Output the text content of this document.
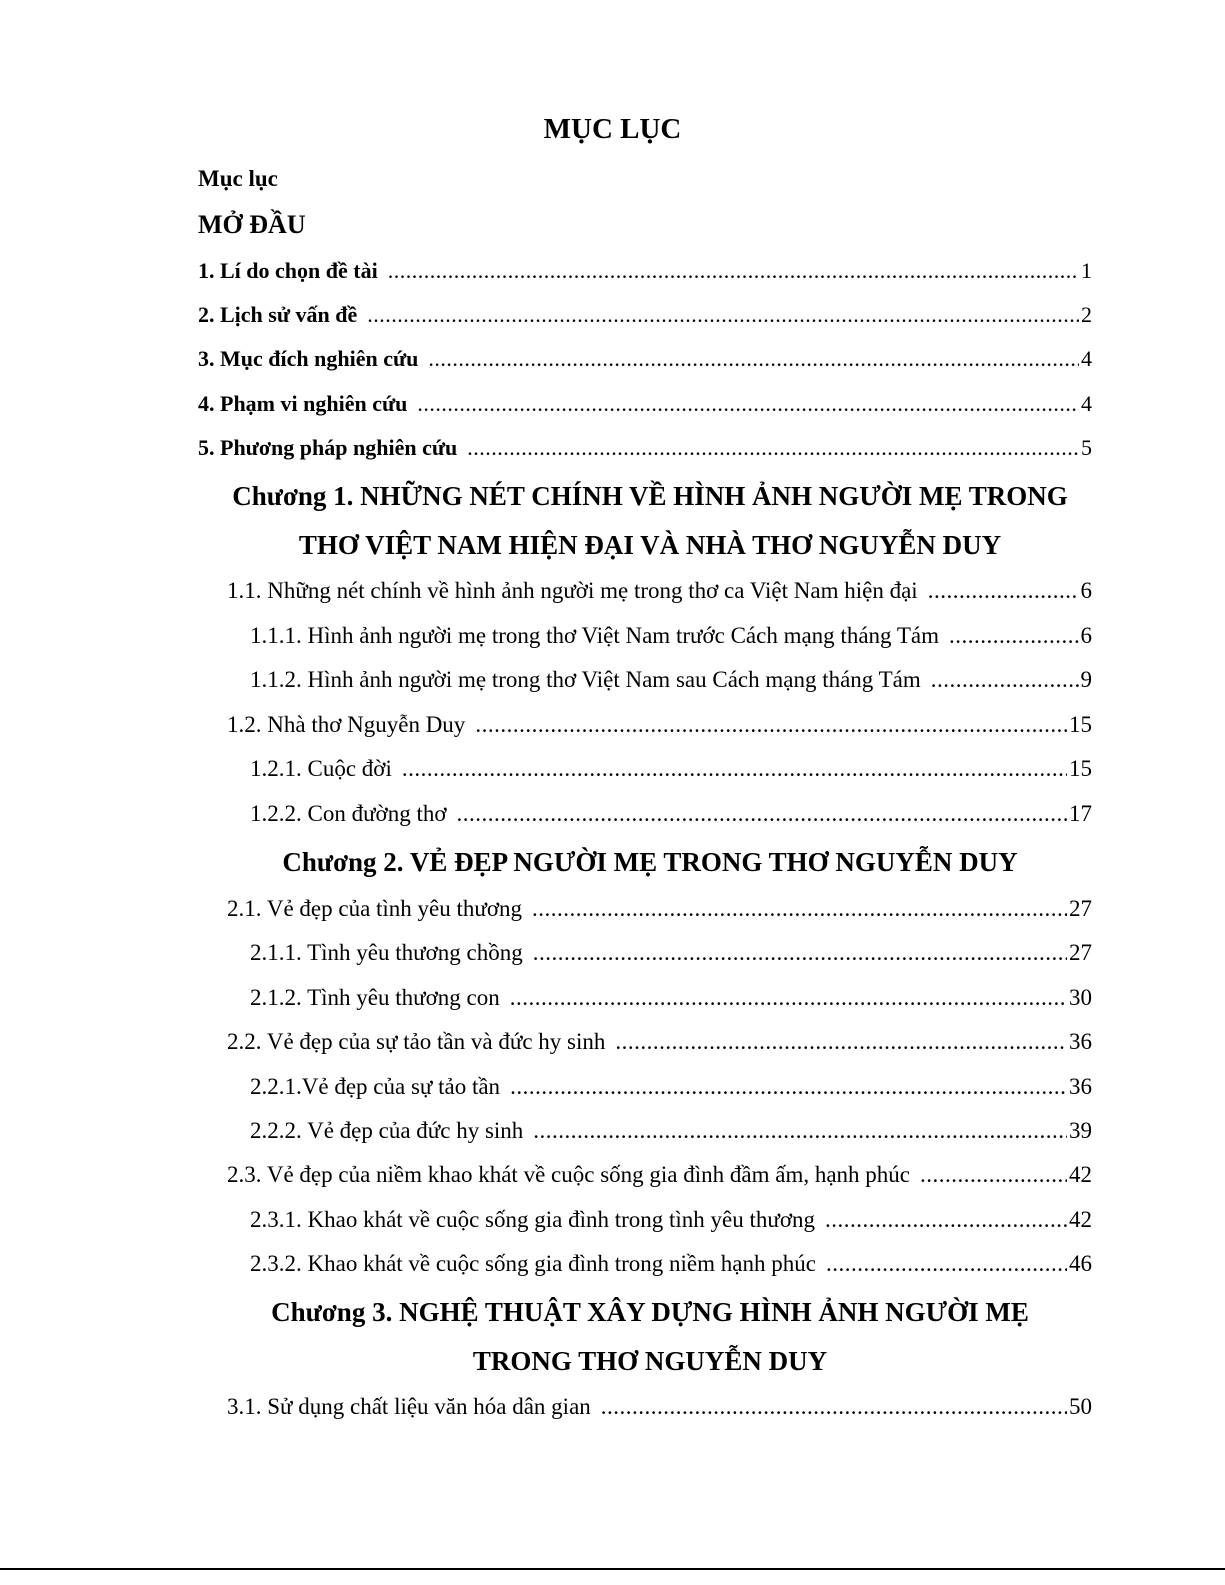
MỤC LỤC
Mục lục
MỞ ĐẦU
1. Lí do chọn đề tài .....	1
2. Lịch sử vấn đề .....	2
3. Mục đích nghiên cứu .....	4
4. Phạm vi nghiên cứu .....	4
5. Phương pháp nghiên cứu .....	5
Chương 1. NHỮNG NÉT CHÍNH VỀ HÌNH ẢNH NGƯỜI MẸ TRONG
THƠ VIỆT NAM HIỆN ĐẠI VÀ NHÀ THƠ NGUYỄN DUY
1.1. Những nét chính về hình ảnh người mẹ trong thơ ca Việt Nam hiện đại .....	6
1.1.1. Hình ảnh người mẹ trong thơ Việt Nam trước Cách mạng tháng Tám .....	6
1.1.2. Hình ảnh người mẹ trong thơ Việt Nam sau Cách mạng tháng Tám .....	9
1.2. Nhà thơ Nguyễn Duy .....	15
1.2.1. Cuộc đời .....	15
1.2.2. Con đường thơ .....	17
Chương 2. VẺ ĐẸP NGƯỜI MẸ TRONG THƠ NGUYỄN DUY
2.1. Vẻ đẹp của tình yêu thương .....	27
2.1.1. Tình yêu thương chồng .....	27
2.1.2. Tình yêu thương con .....	30
2.2. Vẻ đẹp của sự tảo tần và đức hy sinh .....	36
2.2.1.Vẻ đẹp của sự tảo tần .....	36
2.2.2. Vẻ đẹp của đức hy sinh .....	39
2.3. Vẻ đẹp của niềm khao khát về cuộc sống gia đình đầm ấm, hạnh phúc .....	42
2.3.1. Khao khát về cuộc sống gia đình trong tình yêu thương .....	42
2.3.2. Khao khát về cuộc sống gia đình trong niềm hạnh phúc .....	46
Chương 3. NGHỆ THUẬT XÂY DỰNG HÌNH ẢNH NGƯỜI MẸ
TRONG THƠ NGUYỄN DUY
3.1. Sử dụng chất liệu văn hóa dân gian .....	50
